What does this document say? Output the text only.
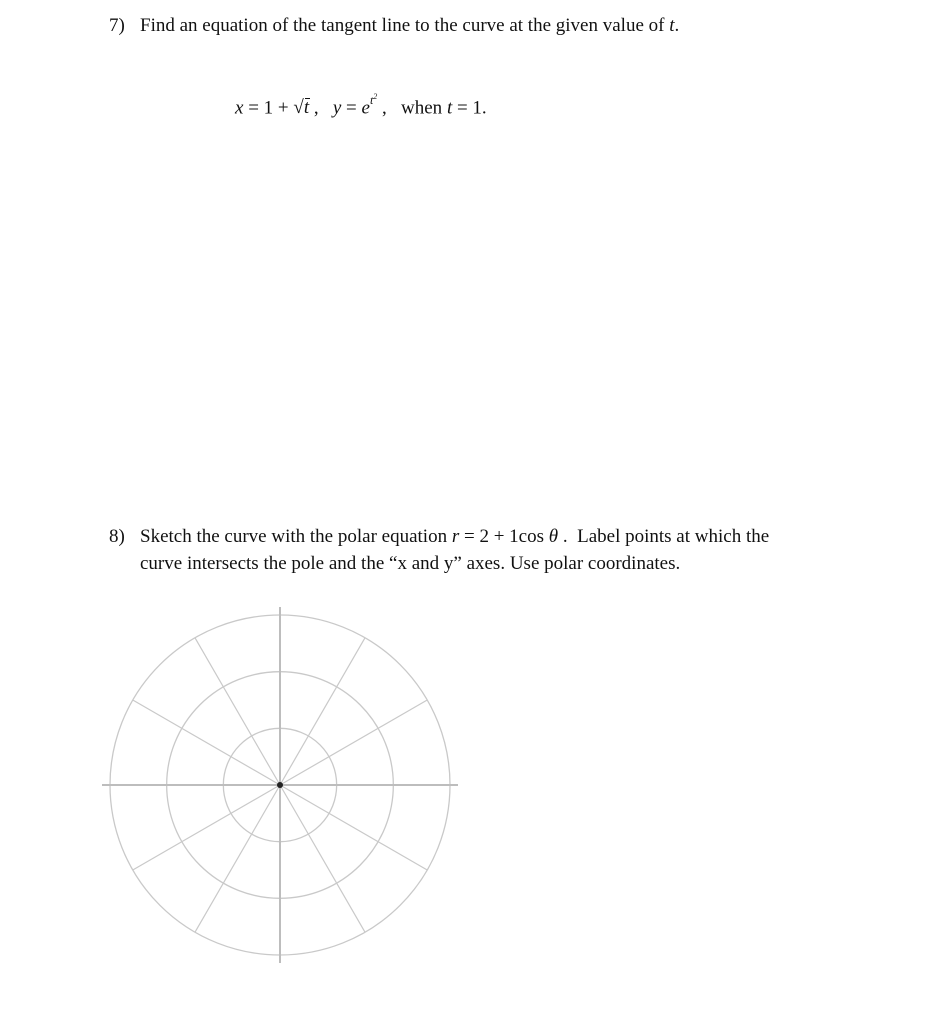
7) Find an equation of the tangent line to the curve at the given value of t.
x = 1 +
√t ,   $y = e^{t^2}$ ,   when t = 1.
8) Sketch the curve with the polar equation r = 2 + 1cos θ .  Label points at which the
curve intersects the pole and the “x and y” axes. Use polar coordinates.
